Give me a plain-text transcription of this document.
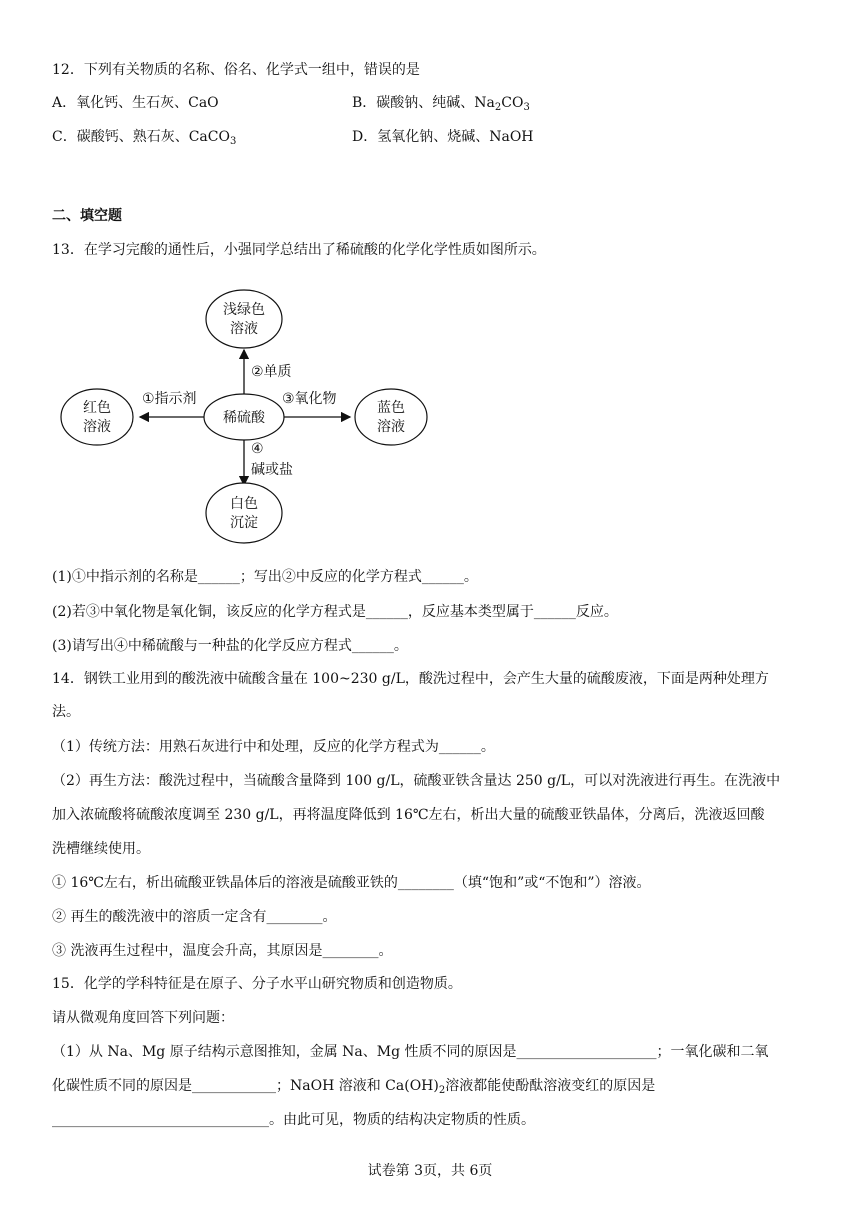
12．下列有关物质的名称、俗名、化学式一组中，错误的是
A．氧化钙、生石灰、CaO	B．碳酸钠、纯碱、$Na_2CO_3$
C．碳酸钙、熟石灰、CaCO$_3$	D．氢氧化钠、烧碱、NaOH
二、填空题
13．在学习完酸的通性后，小强同学总结出了稀硫酸的化学化学性质如图所示。
稀硫酸
浅绿色
溶液
红色
溶液
蓝色
溶液
白色
沉淀
②单质
①指示剂	③氧化物
④
碱或盐
(1)①中指示剂的名称是______；写出②中反应的化学方程式______。
(2)若③中氧化物是氧化铜，该反应的化学方程式是______，反应基本类型属于______反应。
(3)请写出④中稀硫酸与一种盐的化学反应方程式______。
14．钢铁工业用到的酸洗液中硫酸含量在 100~230 g/L，酸洗过程中，会产生大量的硫酸废液，下面是两种处理方
法。
（1）传统方法：用熟石灰进行中和处理，反应的化学方程式为______。
（2）再生方法：酸洗过程中，当硫酸含量降到 100 g/L，硫酸亚铁含量达 250 g/L，可以对洗液进行再生。在洗液中
加入浓硫酸将硫酸浓度调至 230 g/L，再将温度降低到 16℃左右，析出大量的硫酸亚铁晶体，分离后，洗液返回酸
洗槽继续使用。
① 16℃左右，析出硫酸亚铁晶体后的溶液是硫酸亚铁的________（填“饱和”或“不饱和”）溶液。
② 再生的酸洗液中的溶质一定含有________。
③ 洗液再生过程中，温度会升高，其原因是________。
15．化学的学科特征是在原子、分子水平山研究物质和创造物质。
请从微观角度回答下列问题：
（1）从 Na、Mg 原子结构示意图推知，金属 Na、Mg 性质不同的原因是____________________；一氧化碳和二氧
化碳性质不同的原因是____________；NaOH 溶液和 $Ca(OH)_2$溶液都能使酚酞溶液变红的原因是
_______________________________。由此可见，物质的结构决定物质的性质。
试卷第 3页，共 6页
